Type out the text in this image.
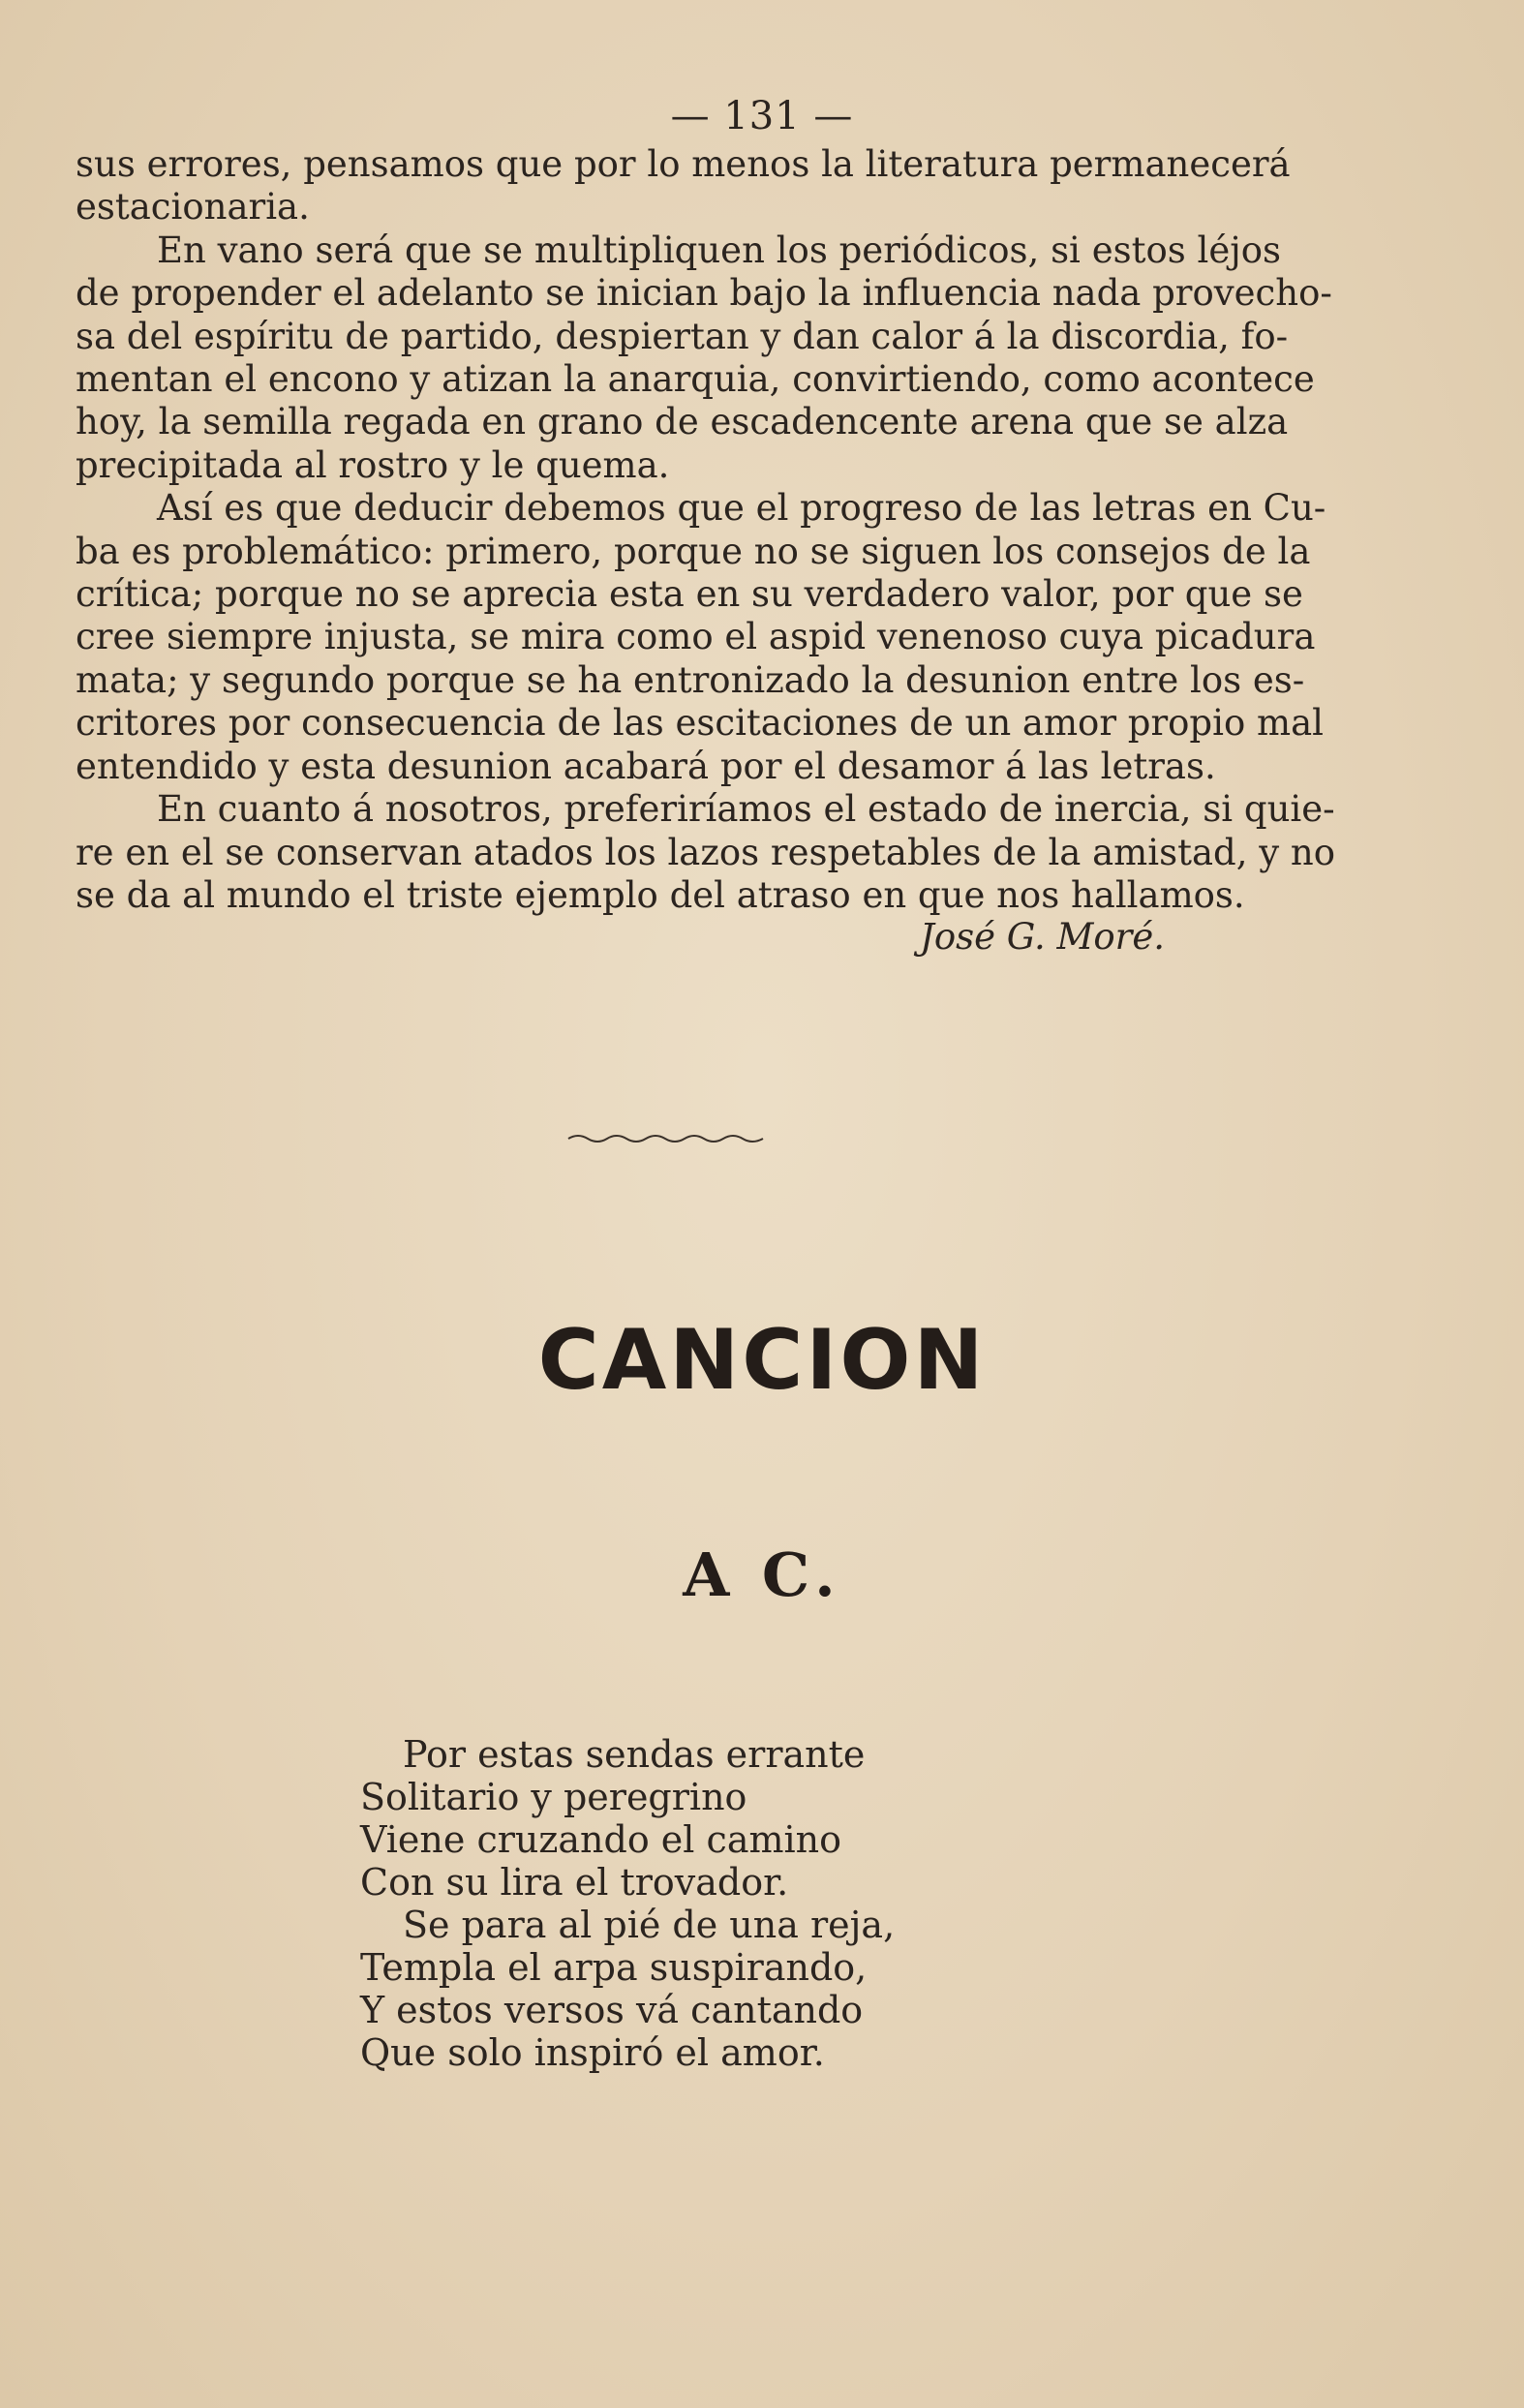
— 131 —
sus errores, pensamos que por lo menos la literatura permanecerá
estacionaria.
En vano será que se multipliquen los periódicos, si estos léjos
de propender el adelanto se inician bajo la influencia nada provecho-
sa del espíritu de partido, despiertan y dan calor á la discordia, fo-
mentan el encono y atizan la anarquia, convirtiendo, como acontece
hoy, la semilla regada en grano de escadencente arena que se alza
precipitada al rostro y le quema.
Así es que deducir debemos que el progreso de las letras en Cu-
ba es problemático: primero, porque no se siguen los consejos de la
crítica; porque no se aprecia esta en su verdadero valor, por que se
cree siempre injusta, se mira como el aspid venenoso cuya picadura
mata; y segundo porque se ha entronizado la desunion entre los es-
critores por consecuencia de las escitaciones de un amor propio mal
entendido y esta desunion acabará por el desamor á las letras.
En cuanto á nosotros, preferiríamos el estado de inercia, si quie-
re en el se conservan atados los lazos respetables de la amistad, y no
se da al mundo el triste ejemplo del atraso en que nos hallamos.
José G. Moré.
CANCION
A C.
Por estas sendas errante
Solitario y peregrino
Viene cruzando el camino
Con su lira el trovador.
Se para al pié de una reja,
Templa el arpa suspirando,
Y estos versos vá cantando
Que solo inspiró el amor.
